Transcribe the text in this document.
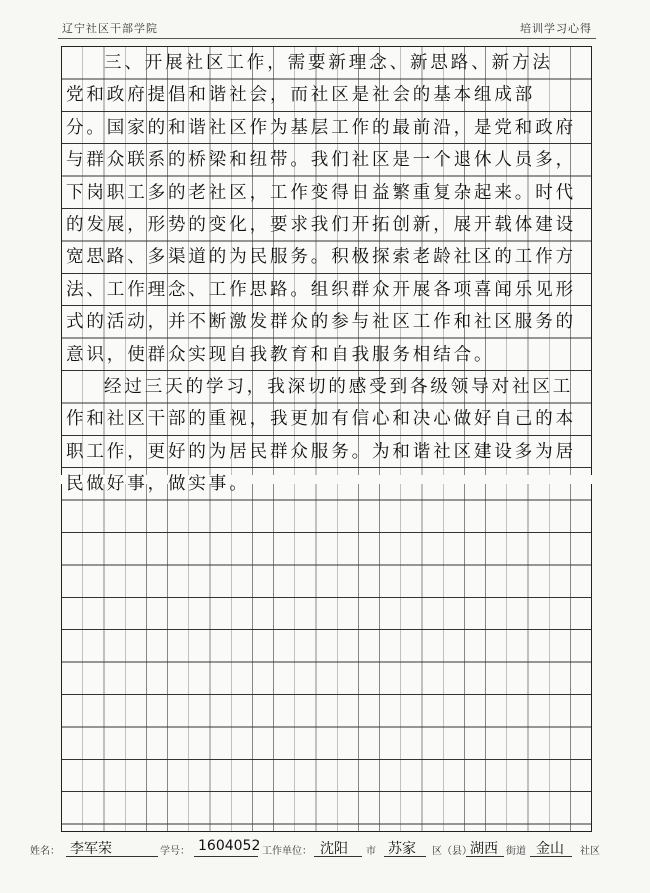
辽宁社区干部学院	培训学习心得
三、开展社区工作，需要新理念、新思路、新方法
党和政府提倡和谐社会，而社区是社会的基本组成部
分。国家的和谐社区作为基层工作的最前沿，是党和政府
与群众联系的桥梁和纽带。我们社区是一个退休人员多，
下岗职工多的老社区，工作变得日益繁重复杂起来。时代
的发展，形势的变化，要求我们开拓创新，展开载体建设
宽思路、多渠道的为民服务。积极探索老龄社区的工作方
法、工作理念、工作思路。组织群众开展各项喜闻乐见形
式的活动，并不断激发群众的参与社区工作和社区服务的
意识，使群众实现自我教育和自我服务相结合。
经过三天的学习，我深切的感受到各级领导对社区工
作和社区干部的重视，我更加有信心和决心做好自己的本
职工作，更好的为居民群众服务。为和谐社区建设多为居
民做好事，做实事。
姓名： 李军荣	学号： 1604052 工作单位： 沈阳 市 苏家 区（县）
湖西 街道 金山 社区
